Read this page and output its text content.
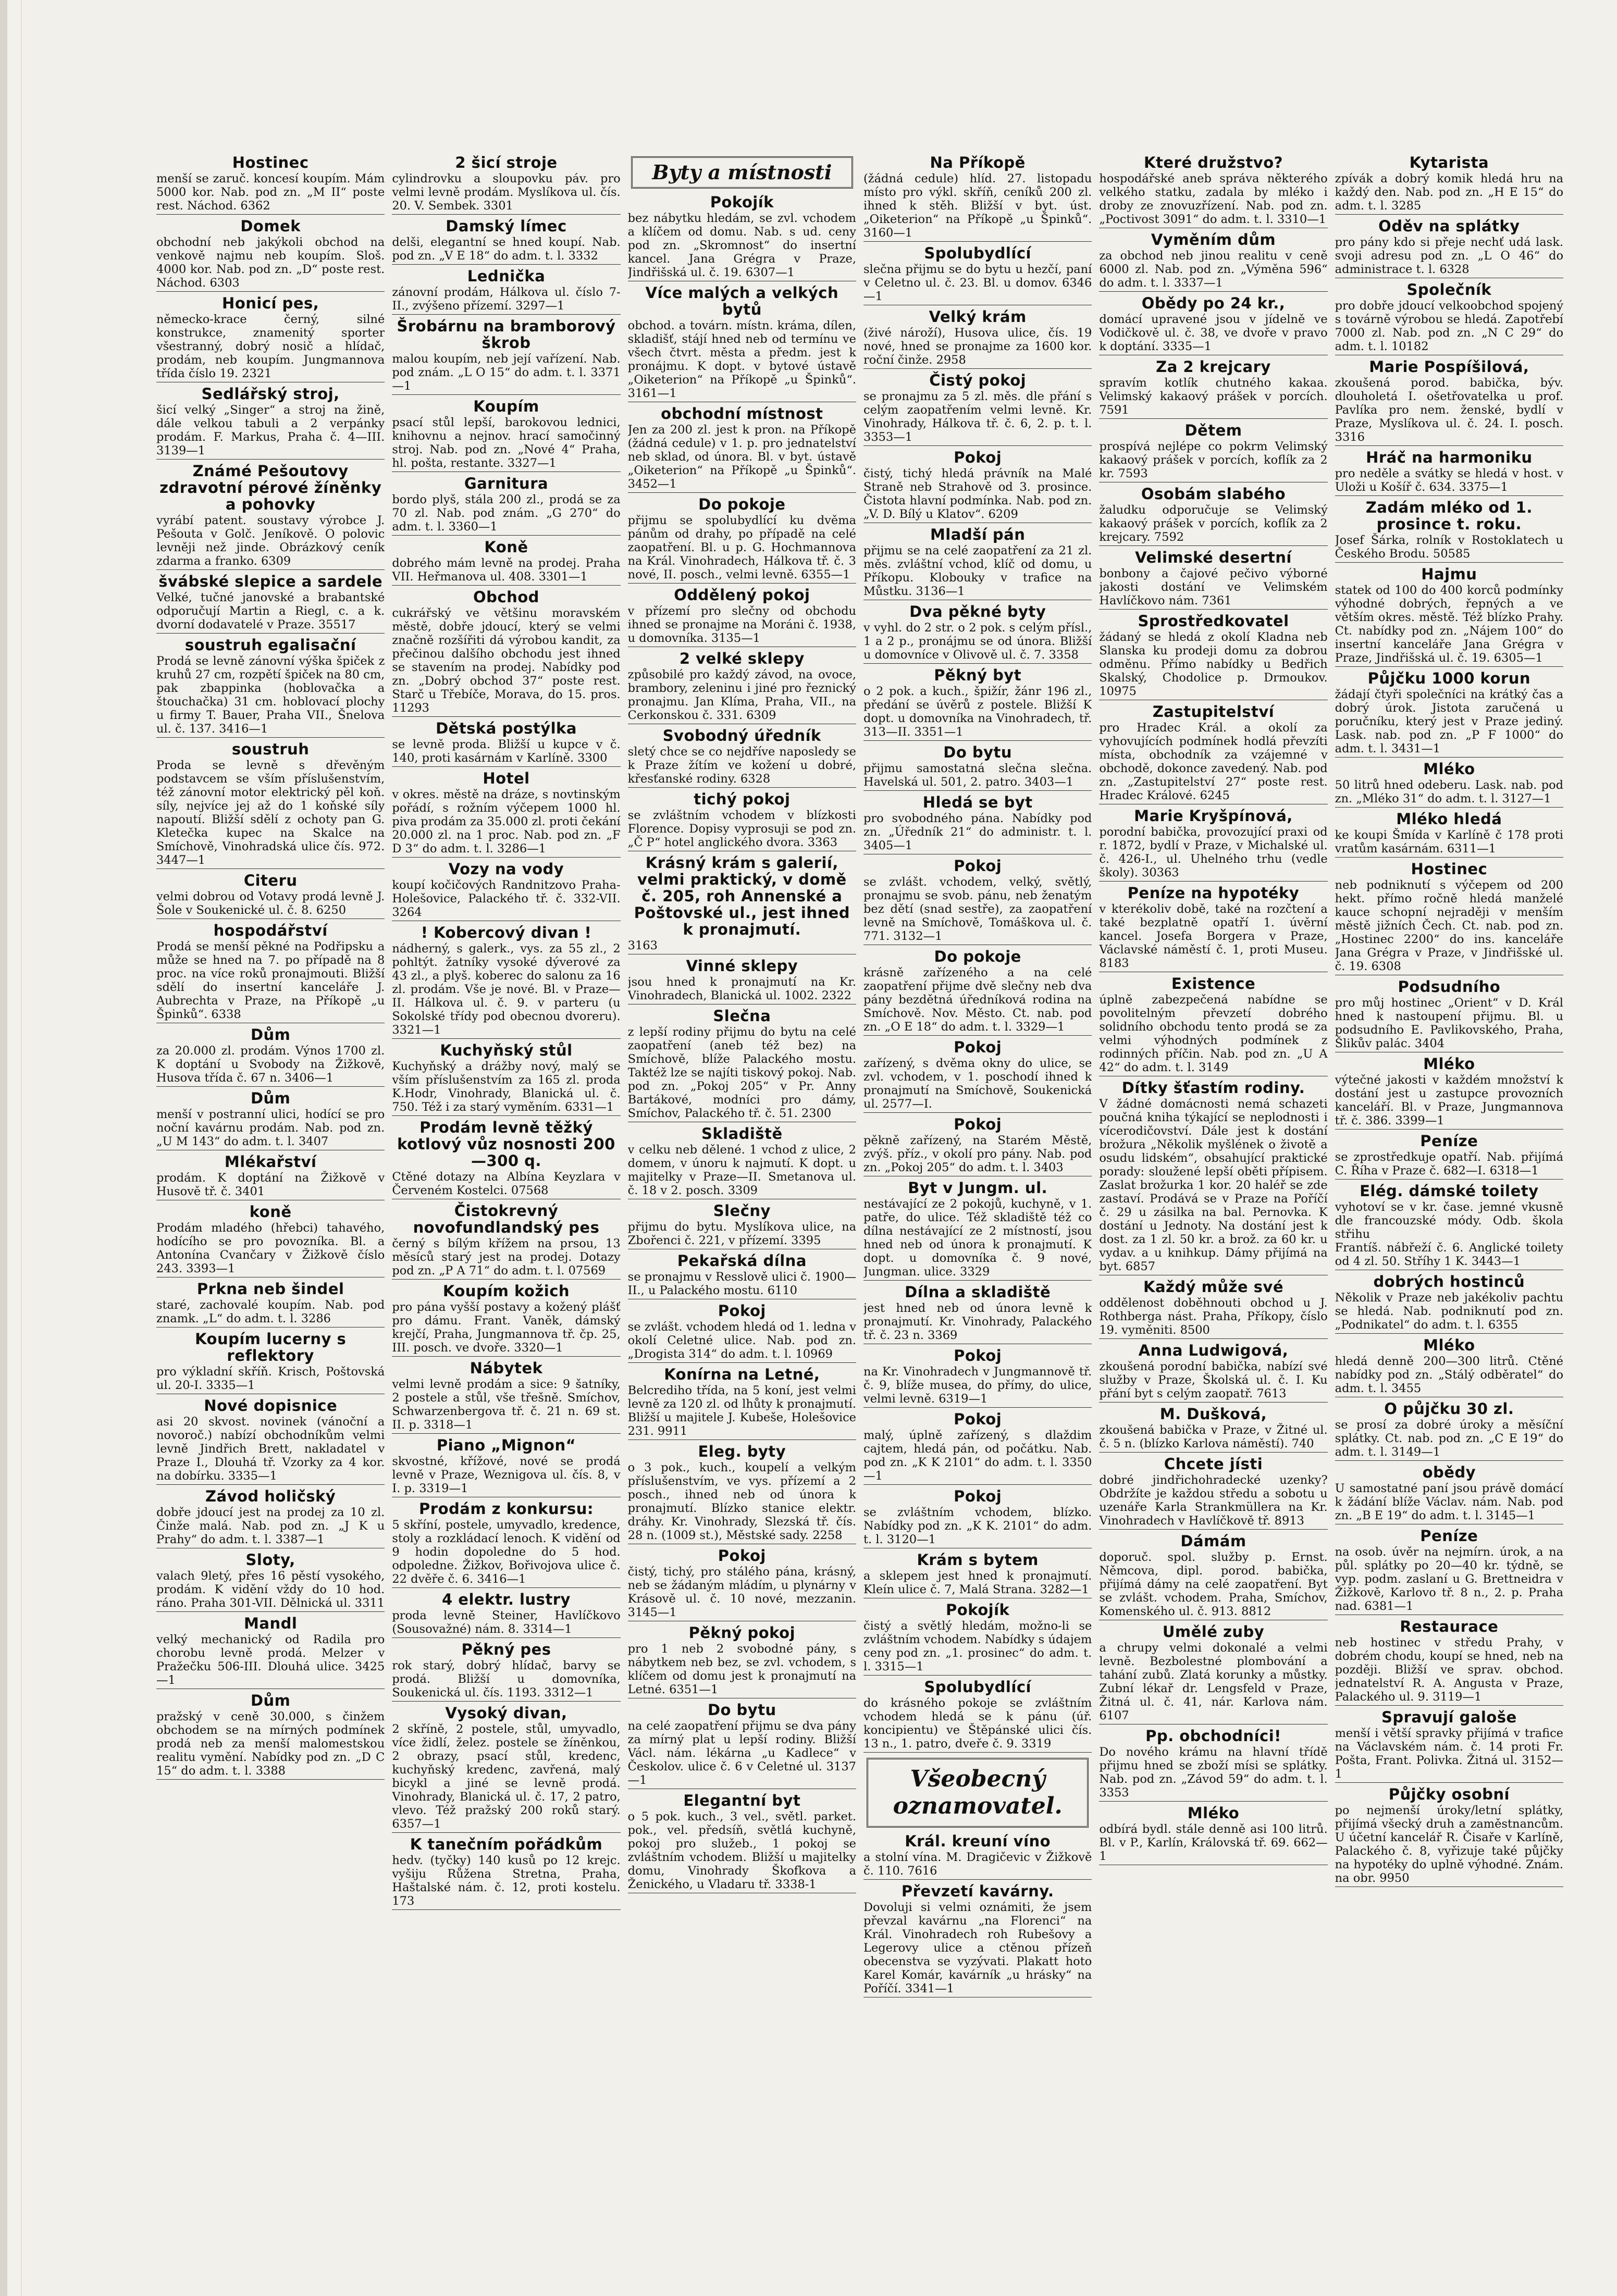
Hostinec

menší se zaruč. koncesí koupím. Mám 5000 kor. Nab. pod zn. „M II“ poste rest. Náchod. 6362

Domek

obchodní neb jakýkoli obchod na venkově najmu neb koupím. Sloš. 4000 kor. Nab. pod zn. „D“ poste rest. Náchod. 6303

Honicí pes,

německo-krace černý, silné konstrukce, znamenitý sporter všestranný, dobrý nosič a hlídač, prodám, neb koupím. Jungmannova třída číslo 19. 2321

Sedlářský stroj,

šicí velký „Singer“ a stroj na žině, dále velkou tabuli a 2 verpánky prodám. F. Markus, Praha č. 4—III. 3139—1

Známé Pešoutovy zdravotní pérové žíněnky a pohovky

vyrábí patent. soustavy výrobce J. Pešouta v Golč. Jeníkově. O polovic levněji než jinde. Obrázkový ceník zdarma a franko. 6309

švábské slepice a sardele

Velké, tučné janovské a brabantské odporučují Martin a Riegl, c. a k. dvorní dodavatelé v Praze. 35517

soustruh egalisační

Prodá se levně zánovní výška špiček z kruhů 27 cm, rozpětí špiček na 80 cm, pak zbappinka (hoblovačka a štouchačka) 31 cm. hoblovací plochy u firmy T. Bauer, Praha VII., Šnelova ul. č. 137. 3416—1

soustruh

Proda se levně s dřevěným podstavcem se vším příslušenstvím, též zánovní motor elektrický pěl koň. síly, nejvíce jej až do 1 koňské síly napoutí. Bližší sdělí z ochoty pan G. Kletečka kupec na Skalce na Smíchově, Vinohradská ulice čís. 972. 3447—1

Citeru

velmi dobrou od Votavy prodá levně J. Šole v Soukenické ul. č. 8. 6250

hospodářství

Prodá se menší pěkné na Podřipsku a může se hned na 7. po případě na 8 proc. na více roků pronajmouti. Bližší sdělí do insertní kanceláře J. Aubrechta v Praze, na Příkopě „u Špinků“. 6338

Dům

za 20.000 zl. prodám. Výnos 1700 zl. K doptání u Svobody na Žižkově, Husova třída č. 67 n. 3406—1

Dům

menší v postranní ulici, hodící se pro noční kavárnu prodám. Nab. pod zn. „U M 143“ do adm. t. l. 3407

Mlékařství

prodám. K doptání na Žižkově v Husově tř. č. 3401

koně

Prodám mladého (hřebci) tahavého, hodícího se pro povozníka. Bl. a Antonína Cvančary v Žižkově číslo 243. 3393—1

Prkna neb šindel

staré, zachovalé koupím. Nab. pod znamk. „L“ do adm. t. l. 3286

Koupím lucerny s reflektory

pro výkladní skříň. Krisch, Poštovská ul. 20-I. 3335—1

Nové dopisnice

asi 20 skvost. novinek (vánoční a novoroč.) nabízí obchodníkům velmi levně Jindřich Brett, nakladatel v Praze I., Dlouhá tř. Vzorky za 4 kor. na dobírku. 3335—1

Závod holičský

dobře jdoucí jest na prodej za 10 zl. Činže malá. Nab. pod zn. „J K u Prahy“ do adm. t. l. 3387—1

Sloty,

valach 9letý, přes 16 pěstí vysokého, prodám. K vidění vždy do 10 hod. ráno. Praha 301-VII. Dělnická ul. 3311

Mandl

velký mechanický od Radila pro chorobu levně prodá. Melzer v Pražečku 506-III. Dlouhá ulice. 3425—1

Dům

pražský v ceně 30.000, s činžem obchodem se na mírných podmínek prodá neb za menší malomestskou realitu vymění. Nabídky pod zn. „D C 15“ do adm. t. l. 3388

2 šicí stroje

cylindrovku a sloupovku páv. pro velmi levně prodám. Myslíkova ul. čís. 20. V. Sembek. 3301

Damský límec

delši, elegantní se hned koupí. Nab. pod zn. „V E 18“ do adm. t. l. 3332

Lednička

zánovní prodám, Hálkova ul. číslo 7-II., zvýšeno přízemí. 3297—1

Šrobárnu na bramborový škrob

malou koupím, neb její vařízení. Nab. pod znám. „L O 15“ do adm. t. l. 3371—1

Koupím

psací stůl lepší, barokovou lednici, knihovnu a nejnov. hrací samočinný stroj. Nab. pod zn. „Nové 4“ Praha, hl. pošta, restante. 3327—1

Garnitura

bordo plyš, stála 200 zl., prodá se za 70 zl. Nab. pod znám. „G 270“ do adm. t. l. 3360—1

Koně

dobrého mám levně na prodej. Praha VII. Heřmanova ul. 408. 3301—1

Obchod

cukrářský ve většinu moravském městě, dobře jdoucí, který se velmi značně rozšířiti dá výrobou kandit, za přečinou dalšího obchodu jest ihned se stavením na prodej. Nabídky pod zn. „Dobrý obchod 37“ poste rest. Starč u Třebíče, Morava, do 15. pros. 11293

Dětská postýlka

se levně proda. Bližší u kupce v č. 140, proti kasárnám v Karlíně. 3300

Hotel

v okres. městě na dráze, s novtinským pořádí, s rožním výčepem 1000 hl. piva prodám za 35.000 zl. proti čekání 20.000 zl. na 1 proc. Nab. pod zn. „F D 3“ do adm. t. l. 3286—1

Vozy na vody

koupí kočičových Randnitzovo Praha-Holešovice, Palackého tř. č. 332-VII. 3264

! Kobercový divan !

nádherný, s galerk., vys. za 55 zl., 2 pohltýt. žatníky vysoké dýverové za 43 zl., a plyš. koberec do salonu za 16 zl. prodám. Vše je nové. Bl. v Praze—II. Hálkova ul. č. 9. v parteru (u Sokolské třídy pod obecnou dvoreru). 3321—1

Kuchyňský stůl

Kuchyňský a drážby nový, malý se vším příslušenstvím za 165 zl. proda K.Hodr, Vinohrady, Blanická ul. č. 750. Též i za starý vyměním. 6331—1

Prodám levně těžký kotlový vůz nosnosti 200—300 q.

Ctěné dotazy na Albína Keyzlara v Červeném Kostelci. 07568

Čistokrevný novofundlandský pes

černý s bílým křížem na prsou, 13 měsíců starý jest na prodej. Dotazy pod zn. „P A 71“ do adm. t. l. 07569

Koupím kožich

pro pána vyšší postavy a kožený plášť pro dámu. Frant. Vaněk, dámský krejčí, Praha, Jungmannova tř. čp. 25, III. posch. ve dvoře. 3320—1

Nábytek

velmi levně prodám a sice: 9 šatníky, 2 postele a stůl, vše třešně. Smíchov, Schwarzenbergova tř. č. 21 n. 69 st. II. p. 3318—1

Piano „Mignon“

skvostné, křížové, nové se prodá levně v Praze, Weznigova ul. čís. 8, v I. p. 3319—1

Prodám z konkursu:

5 skříní, postele, umyvadlo, kredence, stoly a rozkládací lenoch. K vidění od 9 hodin dopoledne do 5 hod. odpoledne. Žižkov, Bořivojova ulice č. 22 dvěře č. 6. 3416—1

4 elektr. lustry

proda levně Steiner, Havlíčkovo (Sousovažné) nám. 8. 3314—1

Pěkný pes

rok starý, dobrý hlídač, barvy se prodá. Bližší u domovníka, Soukenická ul. čís. 1193. 3312—1

Vysoký divan,

2 skříně, 2 postele, stůl, umyvadlo, více židlí, želez. postele se žíněnkou, 2 obrazy, psací stůl, kredenc, kuchyňský kredenc, zavřená, malý bicykl a jiné se levně prodá. Vinohrady, Blanická ul. č. 17, 2 patro, vlevo. Též pražský 200 roků starý. 6357—1

K tanečním pořádkům

hedv. (tyčky) 140 kusů po 12 krejc. vyšiju Růžena Stretna, Praha, Haštalské nám. č. 12, proti kostelu. 173

Byty a místnosti
Pokojík

bez nábytku hledám, se zvl. vchodem a klíčem od domu. Nab. s ud. ceny pod zn. „Skromnost“ do insertní kancel. Jana Grégra v Praze, Jindřišská ul. č. 19. 6307—1

Více malých a velkých bytů

obchod. a továrn. místn. kráma, dílen, skladišť, stájí hned neb od termínu ve všech čtvrt. města a předm. jest k pronájmu. K dopt. v bytové ústavě „Oiketerion“ na Příkopě „u Špinků“. 3161—1

obchodní místnost

Jen za 200 zl. jest k pron. na Příkopě (žádná cedule) v 1. p. pro jednatelství neb sklad, od února. Bl. v byt. ústavě „Oiketerion“ na Příkopě „u Špinků“. 3452—1

Do pokoje

přijmu se spolubydlící ku dvěma pánům od drahy, po případě na celé zaopatření. Bl. u p. G. Hochmannova na Král. Vinohradech, Hálkova tř. č. 3 nové, II. posch., velmi levně. 6355—1

Oddělený pokoj

v přízemí pro slečny od obchodu ihned se pronajme na Moráni č. 1938, u domovníka. 3135—1

2 velké sklepy

způsobilé pro každý závod, na ovoce, brambory, zeleninu i jiné pro řeznický pronajmu. Jan Klíma, Praha, VII., na Cerkonskou č. 331. 6309

Svobodný úředník

sletý chce se co nejdříve naposledy se k Praze žítím ve kožení u dobré, křesťanské rodiny. 6328

tichý pokoj

se zvláštním vchodem v blízkosti Florence. Dopisy vyprosuji se pod zn. „Č P“ hotel anglického dvora. 3363

Krásný krám s galerií, velmi praktický, v domě č. 205, roh Annenské a Poštovské ul., jest ihned k pronajmutí.

3163

Vinné sklepy

jsou hned k pronajmutí na Kr. Vinohradech, Blanická ul. 1002. 2322

Slečna

z lepší rodiny přijmu do bytu na celé zaopatření (aneb též bez) na Smíchově, blíže Palackého mostu. Taktéž lze se najíti tiskový pokoj. Nab. pod zn. „Pokoj 205“ v Pr. Anny Bartákové, modníci pro dámy, Smíchov, Palackého tř. č. 51. 2300

Skladiště

v celku neb dělené. 1 vchod z ulice, 2 domem, v únoru k najmutí. K dopt. u majitelky v Praze—II. Smetanova ul. č. 18 v 2. posch. 3309

Slečny

přijmu do bytu. Myslíkova ulice, na Zbořenci č. 221, v přízemí. 3395

Pekařská dílna

se pronajmu v Resslově ulici č. 1900—II., u Palackého mostu. 6110

Pokoj

se zvlášt. vchodem hledá od 1. ledna v okolí Celetné ulice. Nab. pod zn. „Drogista 314“ do adm. t. l. 10969

Konírna na Letné,

Belcrediho třída, na 5 koní, jest velmi levně za 120 zl. od lhůty k pronajmutí. Bližší u majitele J. Kubeše, Holešovice 231. 9911

Eleg. byty

o 3 pok., kuch., koupelí a velkým příslušenstvím, ve vys. přízemí a 2 posch., ihned neb od února k pronajmutí. Blízko stanice elektr. dráhy. Kr. Vinohrady, Slezská tř. čís. 28 n. (1009 st.), Městské sady. 2258

Pokoj

čistý, tichý, pro stálého pána, krásný, neb se žádaným mládím, u plynárny v Krásově ul. č. 10 nové, mezzanin. 3145—1

Pěkný pokoj

pro 1 neb 2 svobodné pány, s nábytkem neb bez, se zvl. vchodem, s klíčem od domu jest k pronajmutí na Letné. 6351—1

Do bytu

na celé zaopatření přijmu se dva pány za mírný plat u lepší rodiny. Bližší Václ. nám. lékárna „u Kadlece“ v Českolov. ulice č. 6 v Celetné ul. 3137—1

Elegantní byt

o 5 pok. kuch., 3 vel., světl. parket. pok., vel. předsíň, světlá kuchyně, pokoj pro služeb., 1 pokoj se zvláštním vchodem. Bližší u majitelky domu, Vinohrady Škofkova a Ženického, u Vladaru tř. 3338-1

Na Příkopě

(žádná cedule) hlíd. 27. listopadu místo pro výkl. skříň, ceníků 200 zl. ihned k stěh. Bližší v byt. úst. „Oiketerion“ na Příkopě „u Špinků“. 3160—1

Spolubydlící

slečna přijmu se do bytu u hezčí, paní v Celetno ul. č. 23. Bl. u domov. 6346—1

Velký krám

(živé nároží), Husova ulice, čís. 19 nové, hned se pronajme za 1600 kor. roční činže. 2958

Čistý pokoj

se pronajmu za 5 zl. měs. dle přání s celým zaopatřením velmi levně. Kr. Vinohrady, Hálkova tř. č. 6, 2. p. t. l. 3353—1

Pokoj

čistý, tichý hledá právník na Malé Straně neb Strahově od 3. prosince. Čistota hlavní podmínka. Nab. pod zn. „V. D. Bílý u Klatov“. 6209

Mladší pán

přijmu se na celé zaopatření za 21 zl. měs. zvláštní vchod, klíč od domu, u Příkopu. Klobouky v trafice na Můstku. 3136—1

Dva pěkné byty

v vyhl. do 2 str. o 2 pok. s celým přísl., 1 a 2 p., pronájmu se od února. Bližší u domovníce v Olivově ul. č. 7. 3358

Pěkný byt

o 2 pok. a kuch., špižír, žánr 196 zl., předání se úvěrů z postele. Bližší K dopt. u domovníka na Vinohradech, tř. 313—II. 3351—1

Do bytu

přijmu samostatná slečna slečna. Havelská ul. 501, 2. patro. 3403—1

Hledá se byt

pro svobodného pána. Nabídky pod zn. „Úředník 21“ do administr. t. l. 3405—1

Pokoj

se zvlášt. vchodem, velký, světlý, pronajmu se svob. pánu, neb ženatým bez dětí (snad sestře), za zaopatření levně na Smíchově, Tomáškova ul. č. 771. 3132—1

Do pokoje

krásně zařízeného a na celé zaopatření přijme dvě slečny neb dva pány bezdětná úředníková rodina na Smíchově. Nov. Město. Ct. nab. pod zn. „O E 18“ do adm. t. l. 3329—1

Pokoj

zařízený, s dvěma okny do ulice, se zvl. vchodem, v 1. poschodí ihned k pronajmutí na Smíchově, Soukenická ul. 2577—I.

Pokoj

pěkně zařízený, na Starém Městě, zvýš. příz., v okolí pro pány. Nab. pod zn. „Pokoj 205“ do adm. t. l. 3403

Byt v Jungm. ul.

nestávající ze 2 pokojů, kuchyně, v 1. patře, do ulice. Též skladiště též co dílna nestávající ze 2 místností, jsou hned neb od února k pronajmutí. K dopt. u domovníka č. 9 nové, Jungman. ulice. 3329

Dílna a skladiště

jest hned neb od února levně k pronajmutí. Kr. Vinohrady, Palackého tř. č. 23 n. 3369

Pokoj

na Kr. Vinohradech v Jungmannově tř. č. 9, blíže musea, do přímy, do ulice, velmi levně. 6319—1

Pokoj

malý, úplně zařízený, s dlaždim cajtem, hledá pán, od počátku. Nab. pod zn. „K K 2101“ do adm. t. l. 3350—1

Pokoj

se zvláštním vchodem, blízko. Nabídky pod zn. „K K. 2101“ do adm. t. l. 3120—1

Krám s bytem

a sklepem jest hned k pronajmutí. Kleín ulice č. 7, Malá Strana. 3282—1

Pokojík

čistý a světlý hledám, možno-li se zvláštním vchodem. Nabídky s údajem ceny pod zn. „1. prosinec“ do adm. t. l. 3315—1

Spolubydlící

do krásného pokoje se zvláštním vchodem hledá se k pánu (úř. koncipientu) ve Štěpánské ulici čís. 13 n., 1. patro, dveře č. 9. 3319

Všeobecný oznamovatel.
Král. kreuní víno

a stolní vína. M. Dragičevic v Žižkově č. 110. 7616

Převzetí kavárny.

Dovoluji si velmi oznámiti, že jsem převzal kavárnu „na Florenci“ na Král. Vinohradech roh Rubešovy a Legerovy ulice a ctěnou přízeň obecenstva se vyzývati. Plakatt hoto Karel Komár, kavárník „u hrásky“ na Poříčí. 3341—1

Které družstvo?

hospodářské aneb správa některého velkého statku, zadala by mléko i droby ze znovuzřízení. Nab. pod zn. „Poctivost 3091“ do adm. t. l. 3310—1

Vyměním dům

za obchod neb jinou realitu v ceně 6000 zl. Nab. pod zn. „Výměna 596“ do adm. t. l. 3337—1

Obědy po 24 kr.,

domácí upravené jsou v jídelně ve Vodičkově ul. č. 38, ve dvoře v pravo k doptání. 3335—1

Za 2 krejcary

spravím kotlík chutného kakaa. Velimský kakaový prášek v porcích. 7591

Dětem

prospívá nejlépe co pokrm Velimský kakaový prášek v porcích, koflík za 2 kr. 7593

Osobám slabého

žaludku odporučuje se Velimský kakaový prášek v porcích, koflík za 2 krejcary. 7592

Velimské desertní

bonbony a čajové pečivo výborné jakosti dostání ve Velimském Havlíčkovo nám. 7361

Sprostředkovatel

žádaný se hledá z okolí Kladna neb Slanska ku prodeji domu za dobrou odměnu. Přímo nabídky u Bedřich Skalský, Chodolice p. Drmoukov. 10975

Zastupitelství

pro Hradec Král. a okolí za vyhovujících podmínek hodlá převzíti místa, obchodník za vzájemné v obchodě, dokonce zavedený. Nab. pod zn. „Zastupitelství 27“ poste rest. Hradec Králové. 6245

Marie Kryšpínová,

porodní babička, provozující praxi od r. 1872, bydlí v Praze, v Michalské ul. č. 426-I., ul. Uhelného trhu (vedle školy). 30363

Peníze na hypotéky

v kterékoliv době, také na rozčtení a také bezplatně opatří 1. úvěrní kancel. Josefa Borgera v Praze, Václavské náměstí č. 1, proti Museu. 8183

Existence

úplně zabezpečená nabídne se povolitelným převzetí dobrého solidního obchodu tento prodá se za velmi výhodných podmínek z rodinných příčin. Nab. pod zn. „U A 42“ do adm. t. l. 3149

Dítky šťastím rodiny.

V žádné domácnosti nemá schazeti poučná kniha týkající se neplodnosti i vícerodičovství. Dále jest k dostání brožura „Několik myšlének o životě a osudu lidském“, obsahující praktické porady: sloužené lepší oběti přípisem. Zaslat brožurka 1 kor. 20 haléř se zde zastaví. Prodává se v Praze na Poříčí č. 29 u zásilka na bal. Pernovka. K dostání u Jednoty. Na dostání jest k dost. za 1 zl. 50 kr. a brož. za 60 kr. u vydav. a u knihkup. Dámy přijímá na byt. 6857

Každý může své

oddělenost doběhnouti obchod u J. Rothberga nást. Praha, Příkopy, číslo 19. vyměniti. 8500

Anna Ludwigová,

zkoušená porodní babička, nabízí své služby v Praze, Školská ul. č. I. Ku přání byt s celým zaopatř. 7613

M. Dušková,

zkoušená babička v Praze, v Žitné ul. č. 5 n. (blízko Karlova náměstí). 740

Chcete jísti

dobré jindřichohradecké uzenky? Obdržíte je každou středu a sobotu u uzenáře Karla Strankmüllera na Kr. Vinohradech v Havlíčkově tř. 8913

Dámám

doporuč. spol. služby p. Ernst. Němcova, dipl. porod. babička, přijímá dámy na celé zaopatření. Byt se zvlášt. vchodem. Praha, Smíchov, Komenského ul. č. 913. 8812

Umělé zuby

a chrupy velmi dokonalé a velmi levně. Bezbolestné plombování a tahání zubů. Zlatá korunky a můstky. Zubní lékař dr. Lengsfeld v Praze, Žitná ul. č. 41, nár. Karlova nám. 6107

Pp. obchodníci!

Do nového krámu na hlavní třídě přijmu hned se zboží mísi se splátky. Nab. pod zn. „Závod 59“ do adm. t. l. 3353

Mléko

odbírá bydl. stále denně asi 100 litrů. Bl. v P., Karlín, Královská tř. 69. 662—1

Kytarista

zpívák a dobrý komik hledá hru na každý den. Nab. pod zn. „H E 15“ do adm. t. l. 3285

Oděv na splátky

pro pány kdo si přeje nechť udá lask. svoji adresu pod zn. „L O 46“ do administrace t. l. 6328

Společník

pro dobře jdoucí velkoobchod spojený s továrně výrobou se hledá. Zapotřebí 7000 zl. Nab. pod zn. „N C 29“ do adm. t. l. 10182

Marie Pospíšilová,

zkoušená porod. babička, býv. dlouholetá I. ošetřovatelka u prof. Pavlíka pro nem. ženské, bydlí v Praze, Myslíkova ul. č. 24. I. posch. 3316

Hráč na harmoniku

pro neděle a svátky se hledá v host. v Uloži u Košíř č. 634. 3375—1

Zadám mléko od 1. prosince t. roku.

Josef Šárka, rolník v Rostoklatech u Českého Brodu. 50585

Hajmu

statek od 100 do 400 korců podmínky výhodné dobrých, řepných a ve větším okres. městě. Též blízko Prahy. Ct. nabídky pod zn. „Nájem 100“ do insertní kanceláře Jana Grégra v Praze, Jindřišská ul. č. 19. 6305—1

Půjčku 1000 korun

žádají čtyři společníci na krátký čas a dobrý úrok. Jistota zaručená u poručníku, který jest v Praze jediný. Lask. nab. pod zn. „P F 1000“ do adm. t. l. 3431—1

Mléko

50 litrů hned odeberu. Lask. nab. pod zn. „Mléko 31“ do adm. t. l. 3127—1

Mléko hledá

ke koupi Šmída v Karlíně č 178 proti vratům kasárnám. 6311—1

Hostinec

neb podniknutí s výčepem od 200 hekt. přímo ročně hledá manželé kauce schopní nejraději v menším městě jižních Čech. Ct. nab. pod zn. „Hostinec 2200“ do ins. kanceláře Jana Grégra v Praze, v Jindřišské ul. č. 19. 6308

Podsudního

pro můj hostinec „Orient“ v D. Král hned k nastoupení přijmu. Bl. u podsudního E. Pavlikovského, Praha, Šlikův palác. 3404

Mléko

výtečné jakosti v každém množství k dostání jest u zastupce provozních kanceláří. Bl. v Praze, Jungmannova tř. č. 386. 3399—1

Peníze

se zprostředkuje opatří. Nab. přijímá C. Říha v Praze č. 682—I. 6318—1

Elég. dámské toilety

vyhotoví se v kr. čase. jemné vkusně dle francouzské módy. Odb. škola střihu

Frantíš. nábřeží č. 6. Anglické toilety od 4 zl. 50. Stříhy 1 K. 3443—1

dobrých hostinců

Několik v Praze neb jakékoliv pachtu se hledá. Nab. podniknutí pod zn. „Podnikatel“ do adm. t. l. 6355

Mléko

hledá denně 200—300 litrů. Ctěné nabídky pod zn. „Stálý odběratel“ do adm. t. l. 3455

O půjčku 30 zl.

se prosí za dobré úroky a měsíční splátky. Ct. nab. pod zn. „C E 19“ do adm. t. l. 3149—1

obědy

U samostatné paní jsou právě domácí k žádání blíže Václav. nám. Nab. pod zn. „B E 19“ do adm. t. l. 3145—1

Peníze

na osob. úvěr na nejmírn. úrok, a na půl. splátky po 20—40 kr. týdně, se vyp. podm. zaslaní u G. Brettneidra v Žižkově, Karlovo tř. 8 n., 2. p. Praha nad. 6381—1

Restaurace

neb hostinec v středu Prahy, v dobrém chodu, koupí se hned, neb na později. Bližší ve sprav. obchod. jednatelství R. A. Angusta v Praze, Palackého ul. 9. 3119—1

Spravují galoše

menší i větší spravky přijímá v trafice na Václavském nám. č. 14 proti Fr. Pošta, Frant. Polivka. Žitná ul. 3152—1

Půjčky osobní

po nejmenší úroky/letní splátky, přijímá všecký druh a zaměstnancům. U účetní kancelář R. Čisaře v Karlíně, Palackého č. 8, vyřizuje také půjčky na hypotéky do uplně výhodné. Znám. na obr. 9950
